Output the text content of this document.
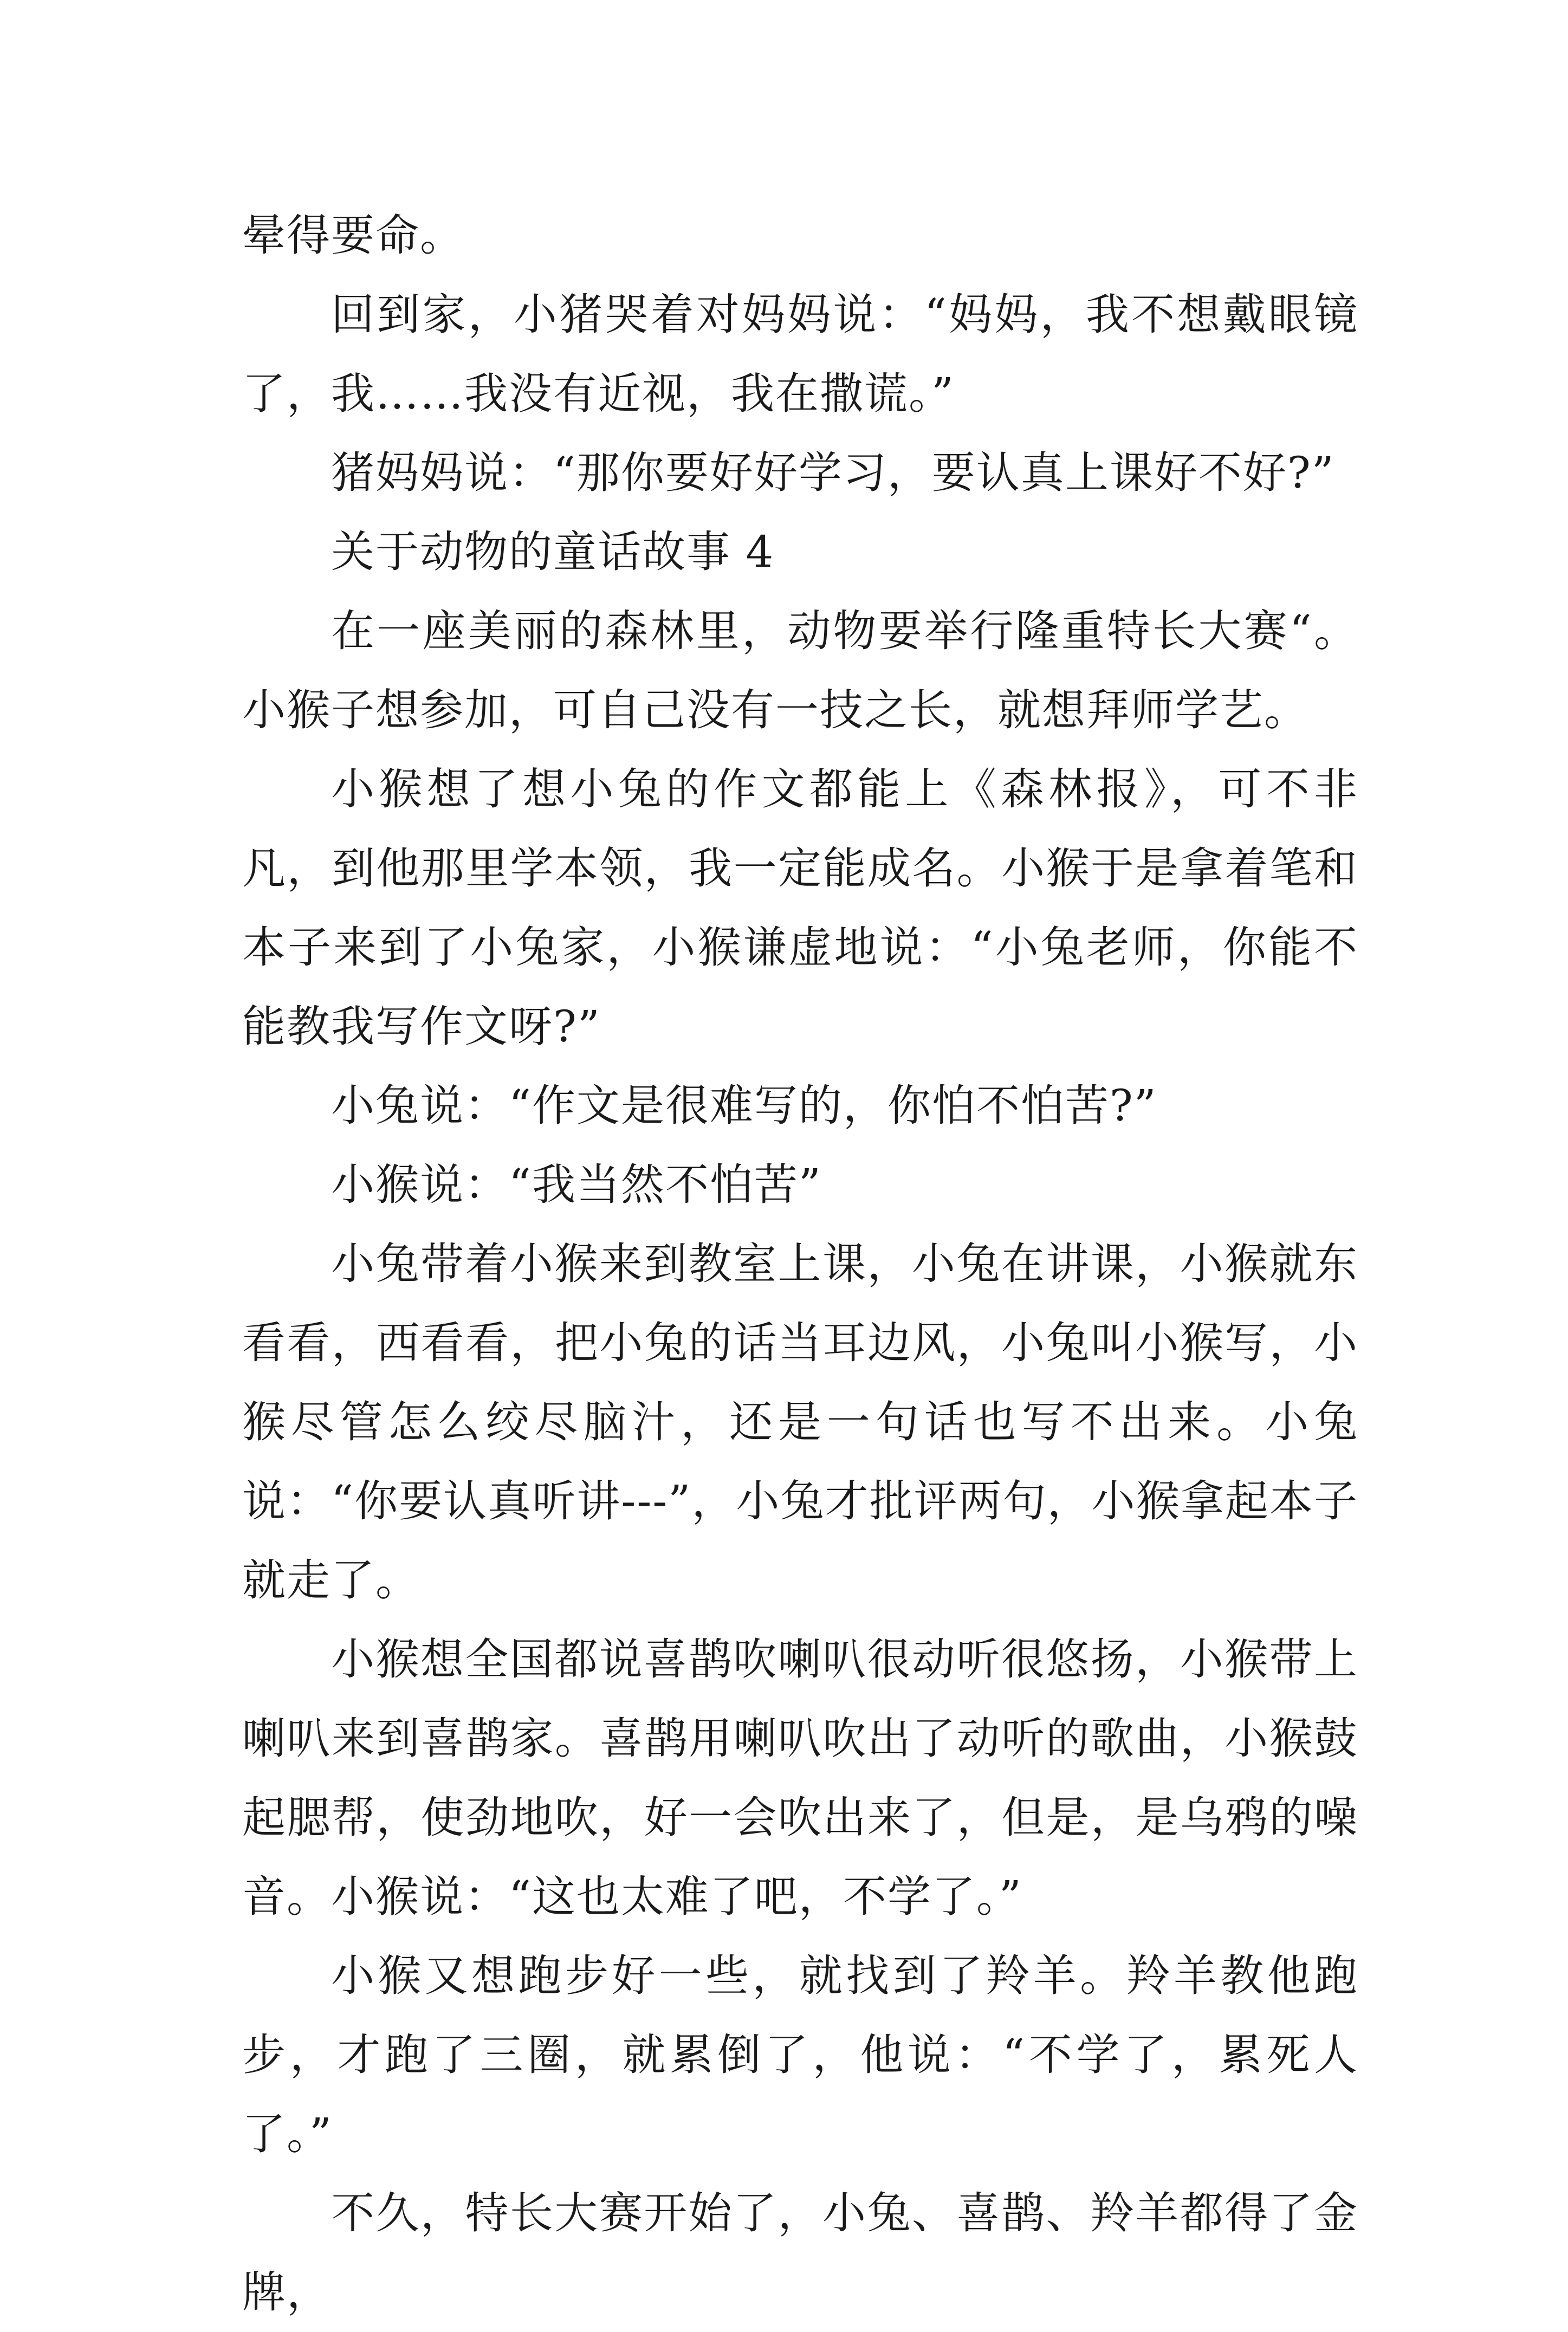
晕得要命。

回到家，小猪哭着对妈妈说：“妈妈，我不想戴眼镜了，我……我没有近视，我在撒谎。”

猪妈妈说：“那你要好好学习，要认真上课好不好?”

关于动物的童话故事 4

在一座美丽的森林里，动物要举行隆重特长大赛“。小猴子想参加，可自己没有一技之长，就想拜师学艺。

小猴想了想小兔的作文都能上《森林报》，可不非凡，到他那里学本领，我一定能成名。小猴于是拿着笔和本子来到了小兔家，小猴谦虚地说：“小兔老师，你能不能教我写作文呀?”

小兔说：“作文是很难写的，你怕不怕苦?”

小猴说：“我当然不怕苦”

小兔带着小猴来到教室上课，小兔在讲课，小猴就东看看，西看看，把小兔的话当耳边风，小兔叫小猴写，小猴尽管怎么绞尽脑汁，还是一句话也写不出来。小兔说：“你要认真听讲---”，小兔才批评两句，小猴拿起本子就走了。

小猴想全国都说喜鹊吹喇叭很动听很悠扬，小猴带上喇叭来到喜鹊家。喜鹊用喇叭吹出了动听的歌曲，小猴鼓起腮帮，使劲地吹，好一会吹出来了，但是，是乌鸦的噪音。小猴说：“这也太难了吧，不学了。”

小猴又想跑步好一些，就找到了羚羊。羚羊教他跑步，才跑了三圈，就累倒了，他说：“不学了，累死人了。”

不久，特长大赛开始了，小兔、喜鹊、羚羊都得了金牌，
